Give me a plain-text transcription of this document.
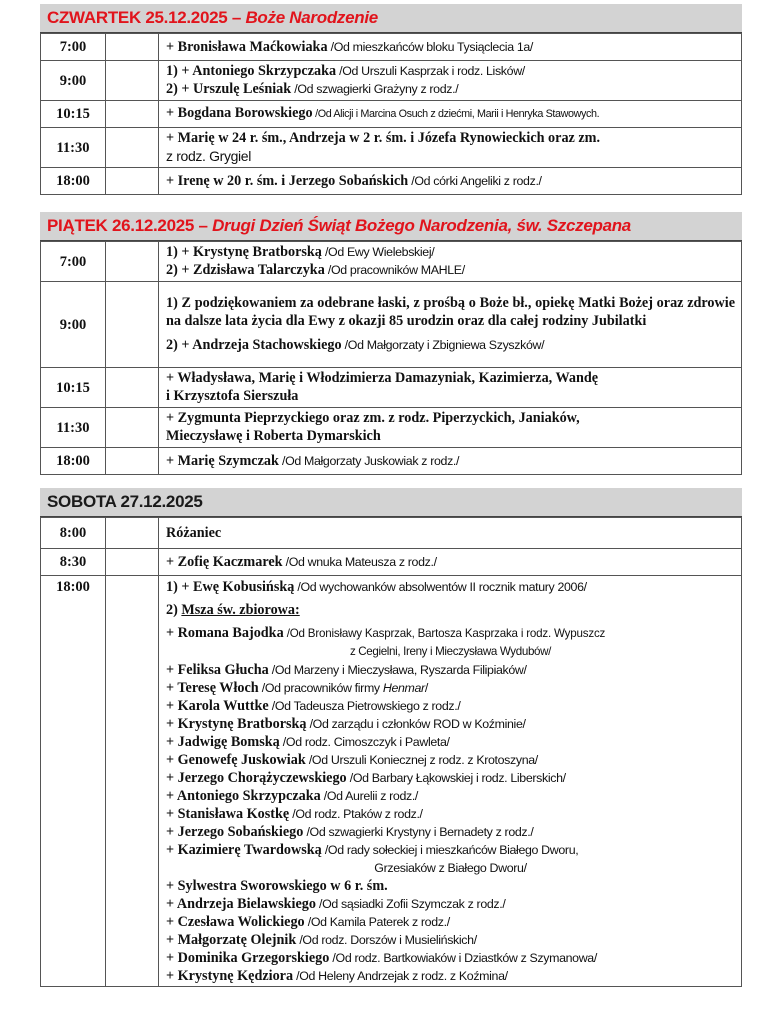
CZWARTEK 25.12.2025 – Boże Narodzenie
7:00		+ Bronisława Maćkowiaka /Od mieszkańców bloku Tysiąclecia 1a/
9:00		1) + Antoniego Skrzypczaka /Od Urszuli Kasprzak i rodz. Lisków/
2) + Urszulę Leśniak /Od szwagierki Grażyny z rodz./

10:15		+ Bogdana Borowskiego /Od Alicji i Marcina Osuch z dziećmi, Marii i Henryka Stawowych.
11:30		+ Marię w 24 r. śm., Andrzeja w 2 r. śm. i Józefa Rynowieckich oraz zm.
z rodz. Grygiel

18:00		+ Irenę w 20 r. śm. i Jerzego Sobańskich /Od córki Angeliki z rodz./
PIĄTEK 26.12.2025 – Drugi Dzień Świąt Bożego Narodzenia, św. Szczepana
7:00		1) + Krystynę Bratborską /Od Ewy Wielebskiej/
2) + Zdzisława Talarczyka /Od pracowników MAHLE/

9:00		1) Z podziękowaniem za odebrane łaski, z prośbą o Boże bł., opiekę Matki Bożej oraz zdrowie na dalsze lata życia dla Ewy z okazji 85 urodzin oraz dla całej rodziny Jubilatki
2) + Andrzeja Stachowskiego /Od Małgorzaty i Zbigniewa Szyszków/

10:15		+ Władysława, Marię i Włodzimierza Damazyniak, Kazimierza, Wandę
i Krzysztofa Sierszuła

11:30		+ Zygmunta Pieprzyckiego oraz zm. z rodz. Piperzyckich, Janiaków,
Mieczysławę i Roberta Dymarskich

18:00		+ Marię Szymczak /Od Małgorzaty Juskowiak z rodz./
SOBOTA 27.12.2025
8:00		Różaniec
8:30		+ Zofię Kaczmarek /Od wnuka Mateusza z rodz./
18:00		1) + Ewę Kobusińską /Od wychowanków absolwentów II rocznik matury 2006/
2) Msza św. zbiorowa:
+ Romana Bajodka /Od Bronisławy Kasprzak, Bartosza Kasprzaka i rodz. Wypuszcz
z Cegielni, Ireny i Mieczysława Wydubów/
+ Feliksa Głucha /Od Marzeny i Mieczysława, Ryszarda Filipiaków/
+ Teresę Włoch /Od pracowników firmy Henmar/
+ Karola Wuttke /Od Tadeusza Pietrowskiego z rodz./
+ Krystynę Bratborską /Od zarządu i członków ROD w Koźminie/
+ Jadwigę Bomską /Od rodz. Cimoszczyk i Pawleta/
+ Genowefę Juskowiak /Od Urszuli Koniecznej z rodz. z Krotoszyna/
+ Jerzego Chorążyczewskiego /Od Barbary Łąkowskiej i rodz. Liberskich/
+ Antoniego Skrzypczaka /Od Aurelii z rodz./
+ Stanisława Kostkę /Od rodz. Ptaków z rodz./
+ Jerzego Sobańskiego /Od szwagierki Krystyny i Bernadety z rodz./
+ Kazimierę Twardowską /Od rady sołeckiej i mieszkańców Białego Dworu,
Grzesiaków z Białego Dworu/
+ Sylwestra Sworowskiego w 6 r. śm.
+ Andrzeja Bielawskiego /Od sąsiadki Zofii Szymczak z rodz./
+ Czesława Wolickiego /Od Kamila Paterek z rodz./
+ Małgorzatę Olejnik /Od rodz. Dorszów i Musielińskich/
+ Dominika Grzegorskiego /Od rodz. Bartkowiaków i Dziastków z Szymanowa/
+ Krystynę Kędziora /Od Heleny Andrzejak z rodz. z Koźmina/
